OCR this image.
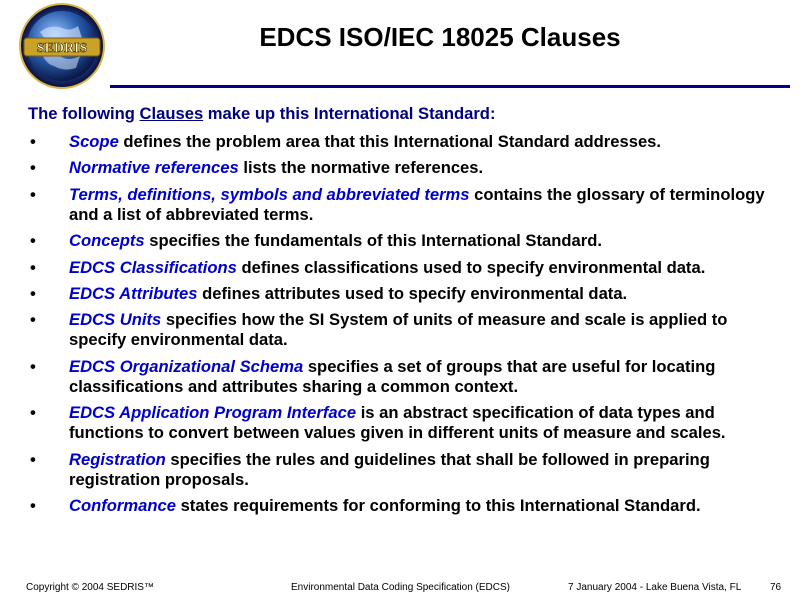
SEDRIS	EDCS ISO/IEC 18025 Clauses
The following Clauses make up this International Standard:
• Scope defines the problem area that this International Standard addresses.
• Normative references lists the normative references.
• Terms, definitions, symbols and abbreviated terms contains the glossary of terminology and a list of abbreviated terms.
• Concepts specifies the fundamentals of this International Standard.
• EDCS Classifications defines classifications used to specify environmental data.
• EDCS Attributes defines attributes used to specify environmental data.
• EDCS Units specifies how the SI System of units of measure and scale is applied to specify environmental data.
• EDCS Organizational Schema specifies a set of groups that are useful for locating classifications and attributes sharing a common context.
• EDCS Application Program Interface is an abstract specification of data types and functions to convert between values given in different units of measure and scales.
• Registration specifies the rules and guidelines that shall be followed in preparing registration proposals.
• Conformance states requirements for conforming to this International Standard.
Copyright © 2004 SEDRIS™	Environmental Data Coding Specification (EDCS)	7 January 2004 - Lake Buena Vista, FL	76
